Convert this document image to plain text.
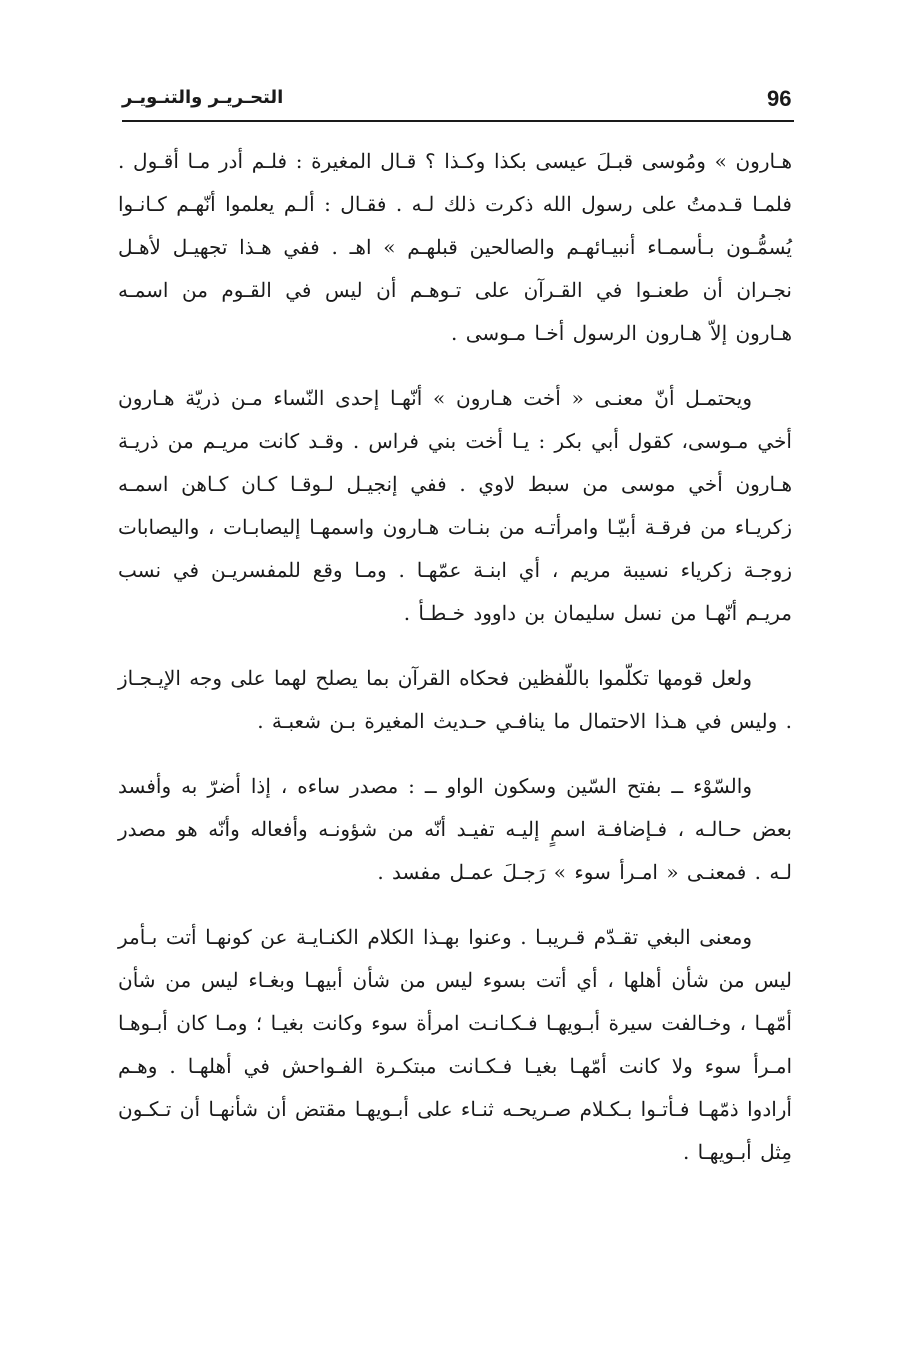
96
التحـريـر والتنـويـر

هـارون » ومُوسى قبـلَ عيسى بكذا وكـذا ؟ قـال المغيرة : فلـم أدر مـا أقـول . فلمـا قـدمتُ على رسول الله ذكرت ذلك لـه . فقـال : ألـم يعلموا أنّهـم كـانـوا يُسمُّـون بـأسمـاء أنبيـائهـم والصالحين قبلهـم » اهـ . ففي هـذا تجهيـل لأهـل نجـران أن طعنـوا في القـرآن على تـوهـم أن ليس في القـوم من اسمـه هـارون إلاّ هـارون الرسول أخـا مـوسى .

ويحتمـل أنّ معنـى « أخت هـارون » أنّهـا إحدى النّساء مـن ذريّة هـارون أخي مـوسى، كقول أبي بكر : يـا أخت بني فراس . وقـد كانت مريـم من ذريـة هـارون أخي موسى من سبط لاوي . ففي إنجيـل لـوقـا كـان كـاهن اسمـه زكريـاء من فرقـة أبيّـا وامرأتـه من بنـات هـارون واسمهـا إليصابـات ، واليصابات زوجـة زكرياء نسيبة مريم ، أي ابنـة عمّهـا . ومـا وقع للمفسريـن في نسب مريـم أنّهـا من نسل سليمان بن داوود خـطـأ .

ولعل قومها تكلّموا باللّفظين فحكاه القرآن بما يصلح لهما على وجه الإيـجـاز . وليس في هـذا الاحتمال ما ينافـي حـديث المغيرة بـن شعبـة .

والسّوْء ــ بفتح السّين وسكون الواو ــ : مصدر ساءه ، إذا أضرّ به وأفسد بعض حـالـه ، فـإضافـة اسمٍ إليـه تفيـد أنّه من شؤونـه وأفعاله وأنّه هو مصدر لـه . فمعنـى « امـرأ سوء » رَجـلَ عمـل مفسد .

ومعنى البغي تقـدّم قـريبـا . وعنوا بهـذا الكلام الكنـايـة عن كونهـا أتت بـأمر ليس من شأن أهلها ، أي أتت بسوء ليس من شأن أبيهـا وبغـاء ليس من شأن أمّهـا ، وخـالفت سيرة أبـويهـا فـكـانـت امرأة سوء وكانت بغيـا ؛ ومـا كان أبـوهـا امـرأ سوء ولا كانت أمّهـا بغيـا فـكـانت مبتكـرة الفـواحش في أهلهـا . وهـم أرادوا ذمّهـا فـأتـوا بـكـلام صـريحـه ثنـاء على أبـويهـا مقتض أن شأنهـا أن تـكـون مِثل أبـويهـا .
